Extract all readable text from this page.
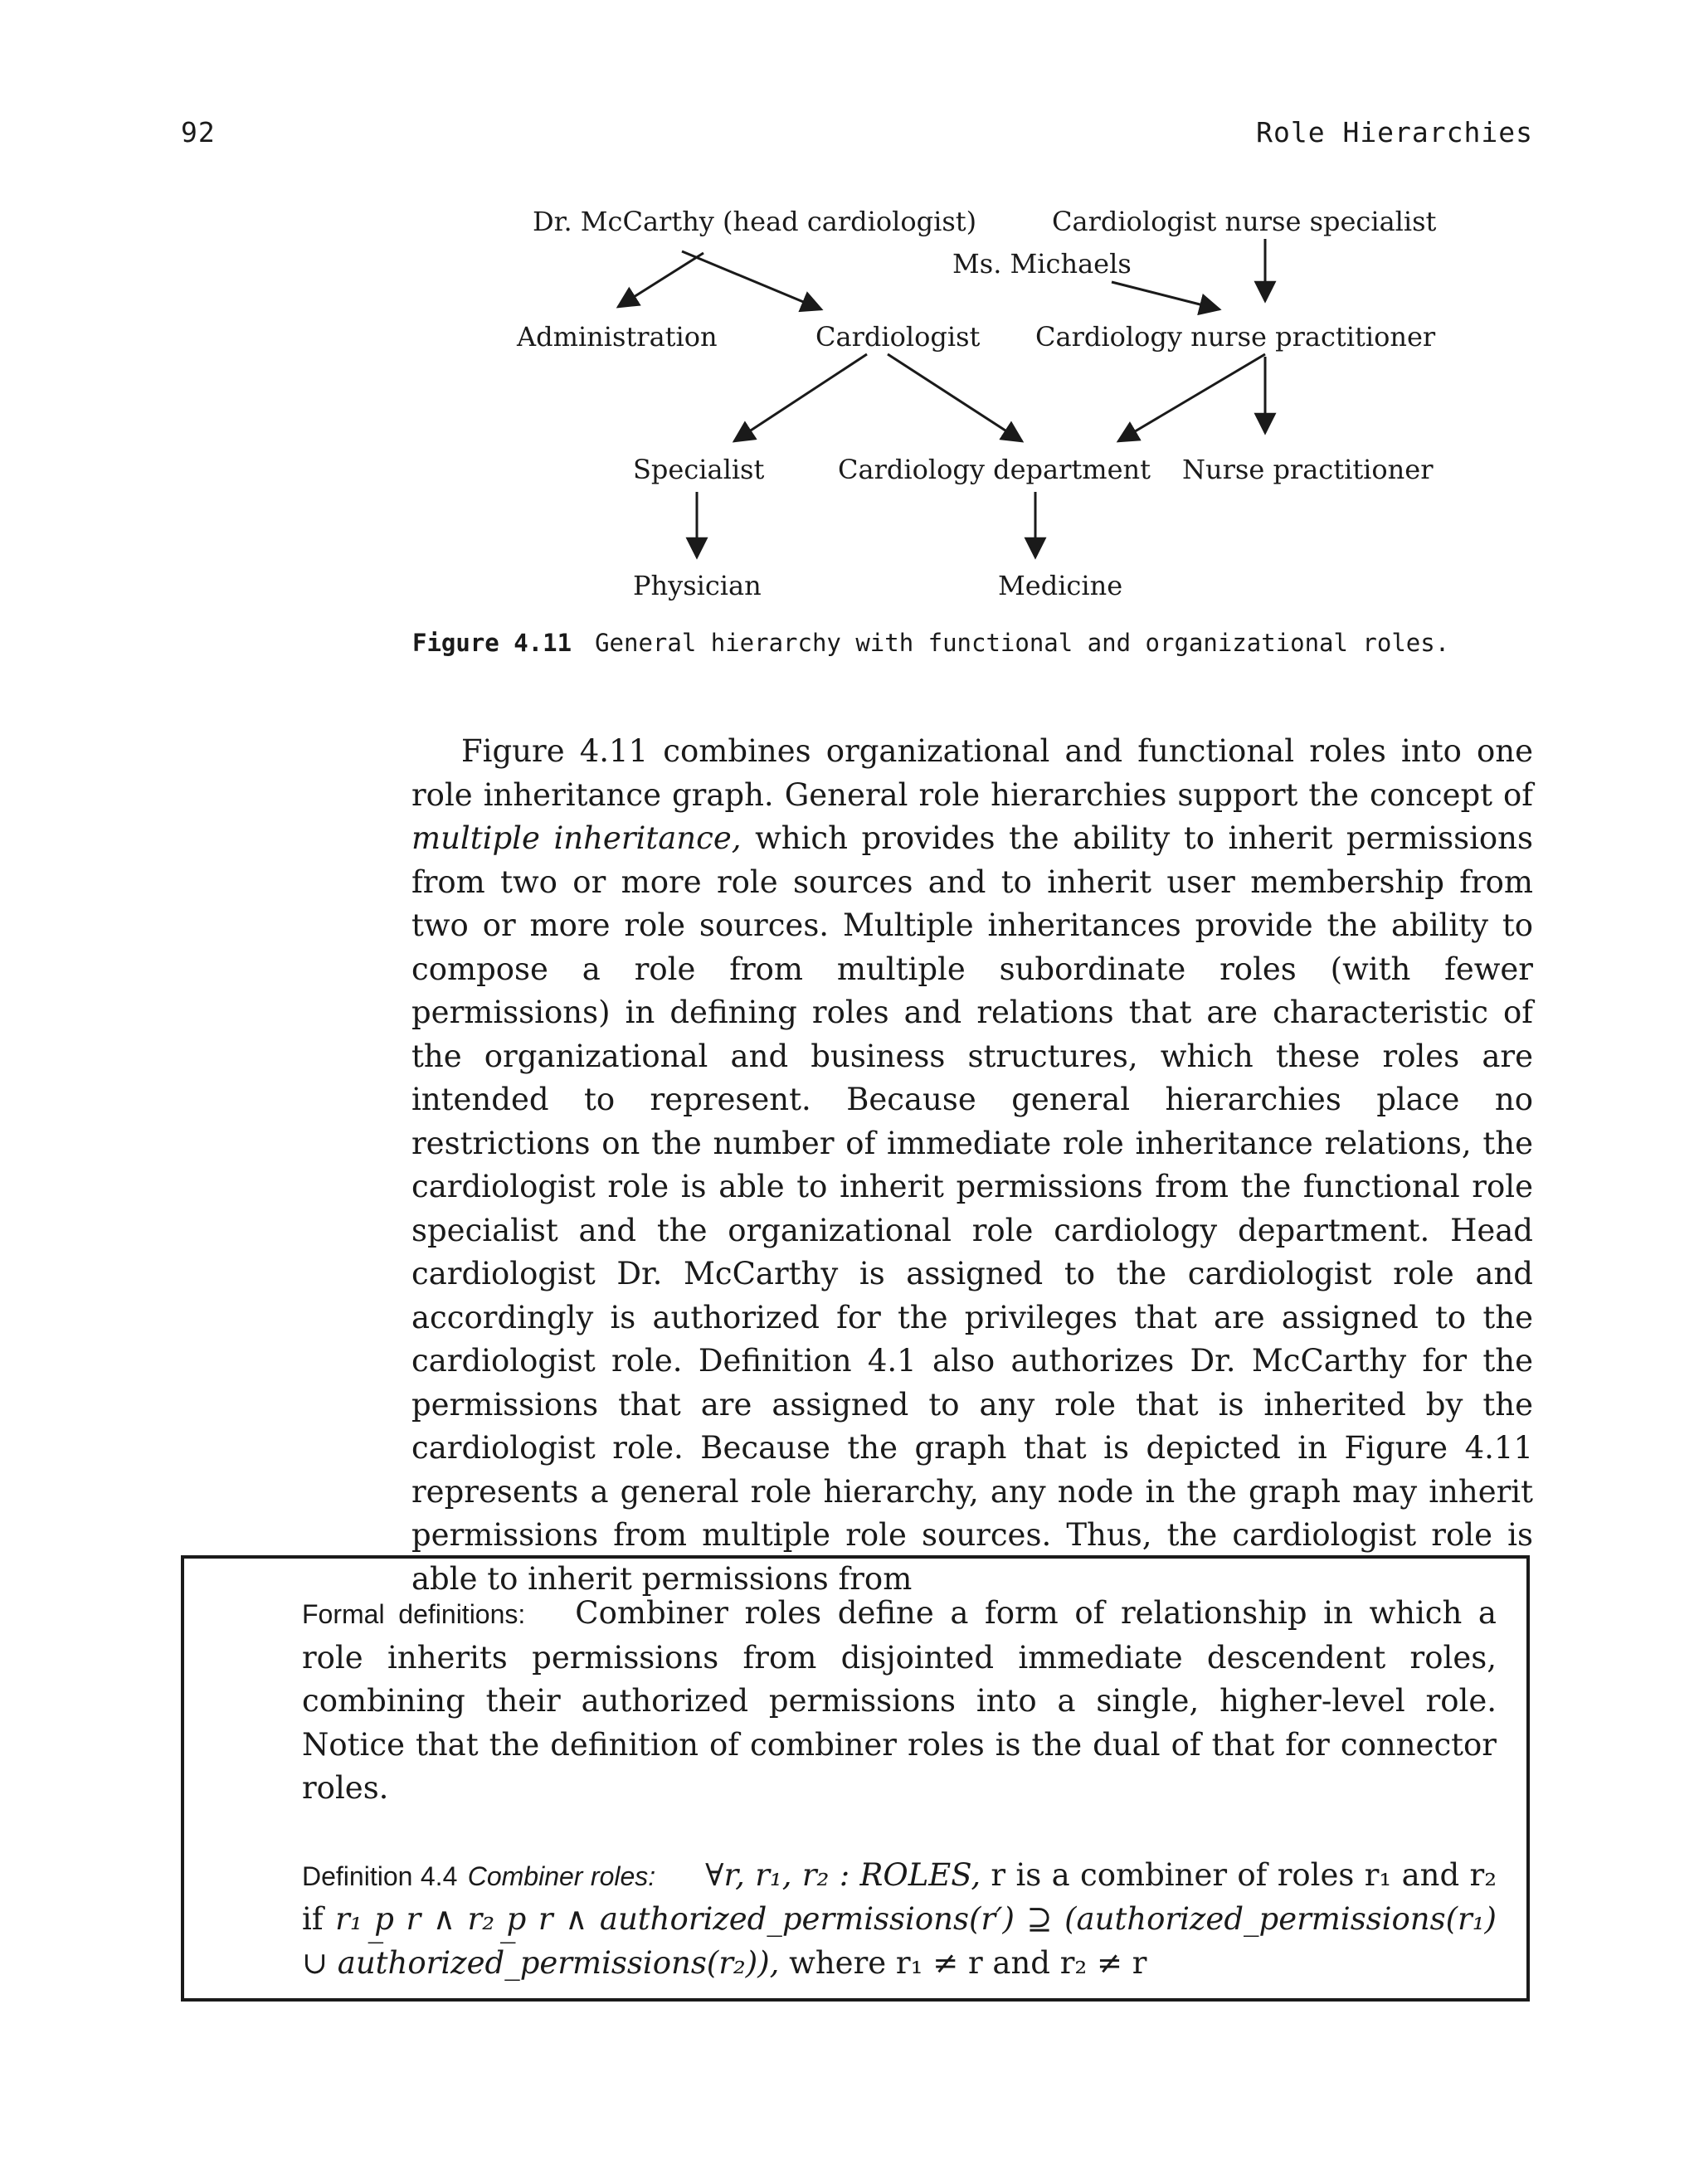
92	Role Hierarchies
Dr. McCarthy (head cardiologist)	Cardiologist nurse specialist
Ms. Michaels
Administration	Cardiologist Cardiology nurse practitioner
Specialist	Cardiology department Nurse practitioner
Physician	Medicine
Figure 4.11 General hierarchy with functional and organizational roles.

Figure 4.11 combines organizational and functional roles into one role inheritance graph. General role hierarchies support the concept of multiple inheritance, which provides the ability to inherit permissions from two or more role sources and to inherit user membership from two or more role sources. Multiple inheritances provide the ability to compose a role from multiple subordinate roles (with fewer permissions) in defining roles and relations that are characteristic of the organizational and business structures, which these roles are intended to represent. Because general hierarchies place no restrictions on the number of immediate role inheritance relations, the cardiologist role is able to inherit permissions from the functional role specialist and the organizational role cardiology department. Head cardiologist Dr. McCarthy is assigned to the cardiologist role and accordingly is authorized for the privileges that are assigned to the cardiologist role. Definition 4.1 also authorizes Dr. McCarthy for the permissions that are assigned to any role that is inherited by the cardiologist role. Because the graph that is depicted in Figure 4.11 represents a general role hierarchy, any node in the graph may inherit permissions from multiple role sources. Thus, the cardiologist role is able to inherit permissions from

Formal definitions: Combiner roles define a form of relationship in which a role inherits permissions from disjointed immediate descendent roles, combining their authorized permissions into a single, higher-level role. Notice that the definition of combiner roles is the dual of that for connector roles.

Definition 4.4 Combiner roles: ∀r, r₁, r₂ : ROLES, r is a combiner of roles r₁ and r₂ if r₁ p̲ r ∧ r₂ p̲ r ∧ authorized_permissions(r′) ⊇ (authorized_permissions(r₁) ∪ authorized_permissions(r₂)), where r₁ ≠ r and r₂ ≠ r
